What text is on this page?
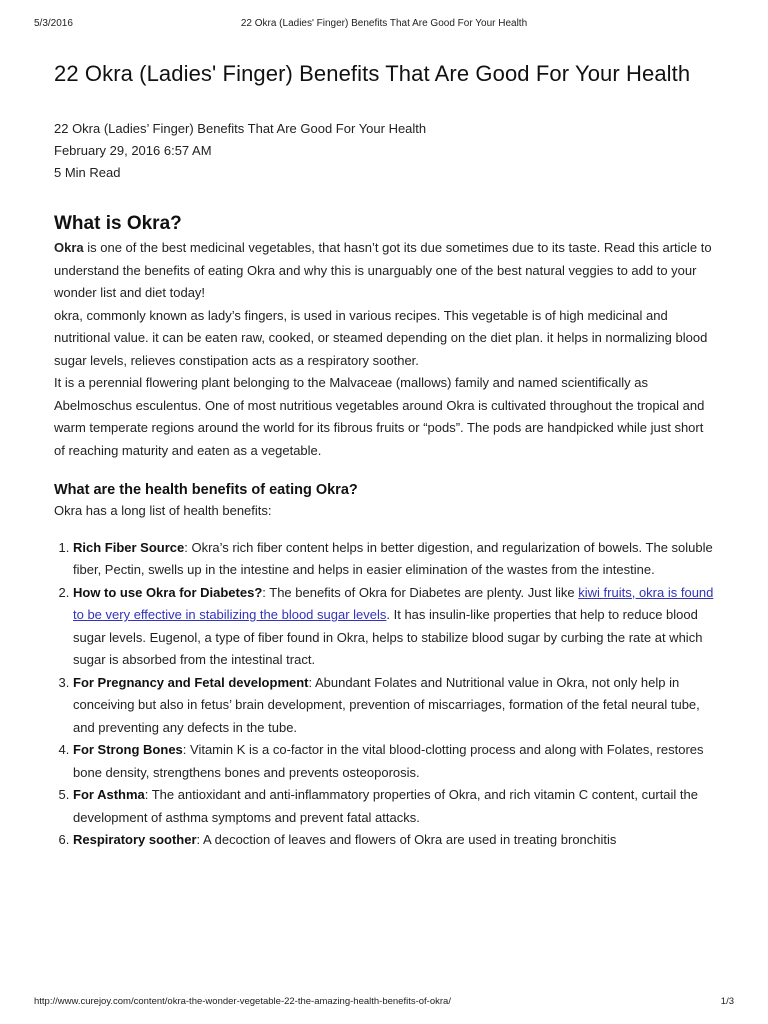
5/3/2016	22 Okra (Ladies' Finger) Benefits That Are Good For Your Health
22 Okra (Ladies' Finger) Benefits That Are Good For Your Health
22 Okra (Ladies’ Finger) Benefits That Are Good For Your Health
February 29, 2016 6:57 AM
5 Min Read
What is Okra?

Okra is one of the best medicinal vegetables, that hasn’t got its due sometimes due to its taste. Read this article to understand the benefits of eating Okra and why this is unarguably one of the best natural veggies to add to your wonder list and diet today!

okra, commonly known as lady’s fingers, is used in various recipes. This vegetable is of high medicinal and nutritional value. it can be eaten raw, cooked, or steamed depending on the diet plan. it helps in normalizing blood sugar levels, relieves constipation acts as a respiratory soother.

It is a perennial flowering plant belonging to the Malvaceae (mallows) family and named scientifically as Abelmoschus esculentus. One of most nutritious vegetables around Okra is cultivated throughout the tropical and warm temperate regions around the world for its fibrous fruits or “pods”. The pods are handpicked while just short of reaching maturity and eaten as a vegetable.

What are the health benefits of eating Okra?

Okra has a long list of health benefits:

1. Rich Fiber Source: Okra’s rich fiber content helps in better digestion, and regularization of bowels. The soluble fiber, Pectin, swells up in the intestine and helps in easier elimination of the wastes from the intestine.
2. How to use Okra for Diabetes?: The benefits of Okra for Diabetes are plenty. Just like kiwi fruits, okra is found to be very effective in stabilizing the blood sugar levels. It has insulin-like properties that help to reduce blood sugar levels. Eugenol, a type of fiber found in Okra, helps to stabilize blood sugar by curbing the rate at which sugar is absorbed from the intestinal tract.
3. For Pregnancy and Fetal development: Abundant Folates and Nutritional value in Okra, not only help in conceiving but also in fetus’ brain development, prevention of miscarriages, formation of the fetal neural tube, and preventing any defects in the tube.
4. For Strong Bones: Vitamin K is a co-factor in the vital blood-clotting process and along with Folates, restores bone density, strengthens bones and prevents osteoporosis.
5. For Asthma: The antioxidant and anti-inflammatory properties of Okra, and rich vitamin C content, curtail the development of asthma symptoms and prevent fatal attacks.
6. Respiratory soother: A decoction of leaves and flowers of Okra are used in treating bronchitis
http://www.curejoy.com/content/okra-the-wonder-vegetable-22-the-amazing-health-benefits-of-okra/	1/3
